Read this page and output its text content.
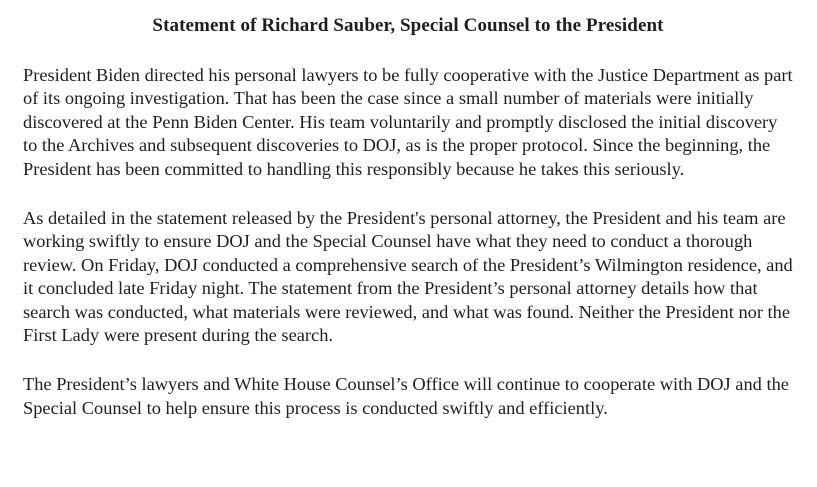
Statement of Richard Sauber, Special Counsel to the President

President Biden directed his personal lawyers to be fully cooperative with the Justice Department as part of its ongoing investigation. That has been the case since a small number of materials were initially discovered at the Penn Biden Center. His team voluntarily and promptly disclosed the initial discovery to the Archives and subsequent discoveries to DOJ, as is the proper protocol. Since the beginning, the President has been committed to handling this responsibly because he takes this seriously.

As detailed in the statement released by the President's personal attorney, the President and his team are working swiftly to ensure DOJ and the Special Counsel have what they need to conduct a thorough review. On Friday, DOJ conducted a comprehensive search of the President’s Wilmington residence, and it concluded late Friday night. The statement from the President’s personal attorney details how that search was conducted, what materials were reviewed, and what was found. Neither the President nor the First Lady were present during the search.

The President’s lawyers and White House Counsel’s Office will continue to cooperate with DOJ and the Special Counsel to help ensure this process is conducted swiftly and efficiently.
